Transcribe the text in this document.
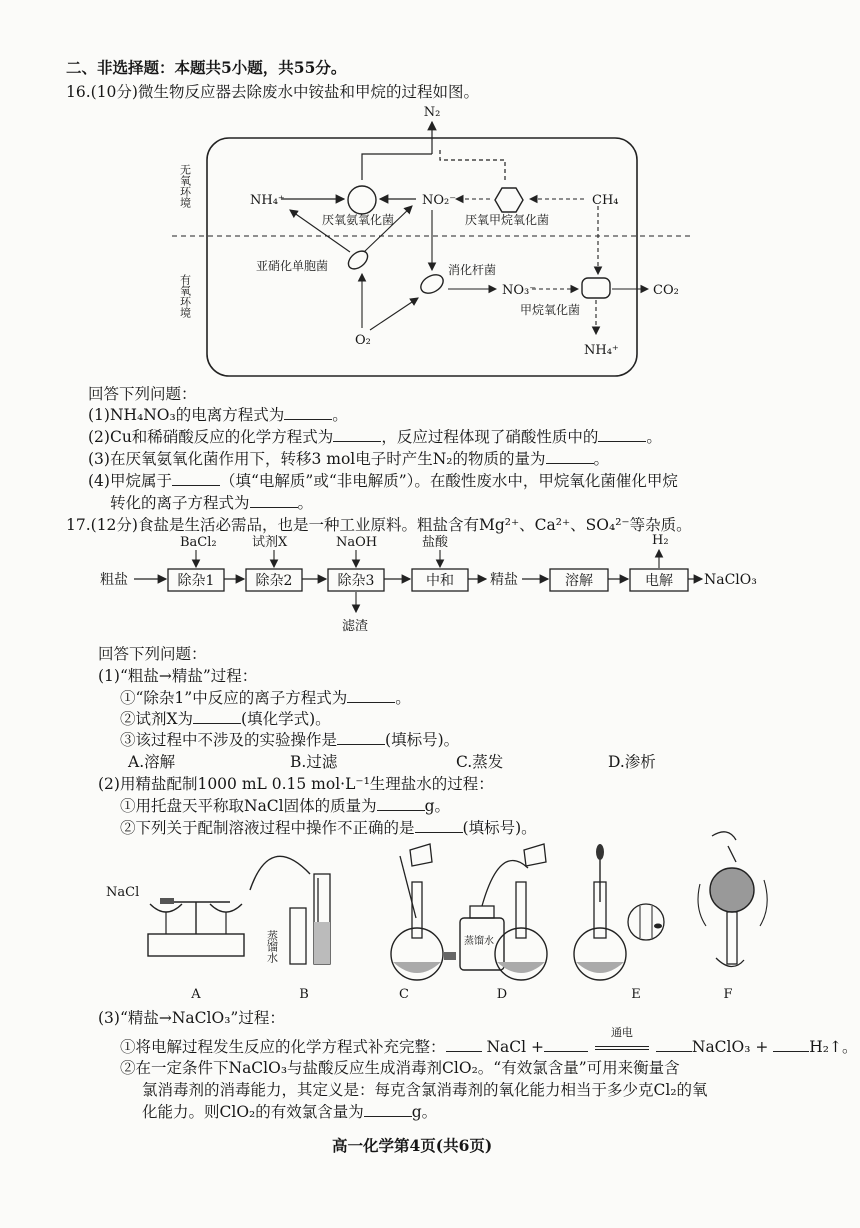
二、非选择题：本题共5小题，共55分。
16.(10分)微生物反应器去除废水中铵盐和甲烷的过程如图。
N₂
无氧环境
有氧环境
NH₄⁺	NO₂⁻	CH₄
厌氧氨氧化菌	厌氧甲烷氧化菌
亚硝化单胞菌	消化杆菌
NO₃⁻	CO₂
甲烷氧化菌
NH₄⁺
O₂
回答下列问题：
(1)NH₄NO₃的电离方程式为	。
(2)Cu和稀硝酸反应的化学方程式为	，反应过程体现了硝酸性质中的	。
(3)在厌氧氨氧化菌作用下，转移3 mol电子时产生N₂的物质的量为	。
(4)甲烷属于	（填“电解质”或“非电解质”）。在酸性废水中，甲烷氧化菌催化甲烷
转化的离子方程式为	。
17.(12分)食盐是生活必需品，也是一种工业原料。粗盐含有Mg²⁺、Ca²⁺、SO₄²⁻等杂质。
粗盐	除杂1	除杂2	除杂3	中和	精盐	溶解	电解 NaClO₃
BaCl₂	试剂X	NaOH	盐酸	H₂
滤渣
回答下列问题：
(1)“粗盐→精盐”过程：
①“除杂1”中反应的离子方程式为	。
②试剂X为	(填化学式)。
③该过程中不涉及的实验操作是	(填标号)。
A.溶解	B.过滤	C.蒸发	D.渗析
(2)用精盐配制1000 mL 0.15 mol·L⁻¹生理盐水的过程：
①用托盘天平称取NaCl固体的质量为	g。
②下列关于配制溶液过程中操作不正确的是	(填标号)。
NaCl
蒸馏水	蒸馏水
A	B	C	D	E	F
(3)“精盐→NaClO₃”过程：
①将电解过程发生反应的化学方程式补充完整：	NaCl +
通电
NaClO₃ +	H₂↑。
②在一定条件下NaClO₃与盐酸反应生成消毒剂ClO₂。“有效氯含量”可用来衡量含
氯消毒剂的消毒能力，其定义是：每克含氯消毒剂的氧化能力相当于多少克Cl₂的氧
化能力。则ClO₂的有效氯含量为	g。
高一化学第4页(共6页)
